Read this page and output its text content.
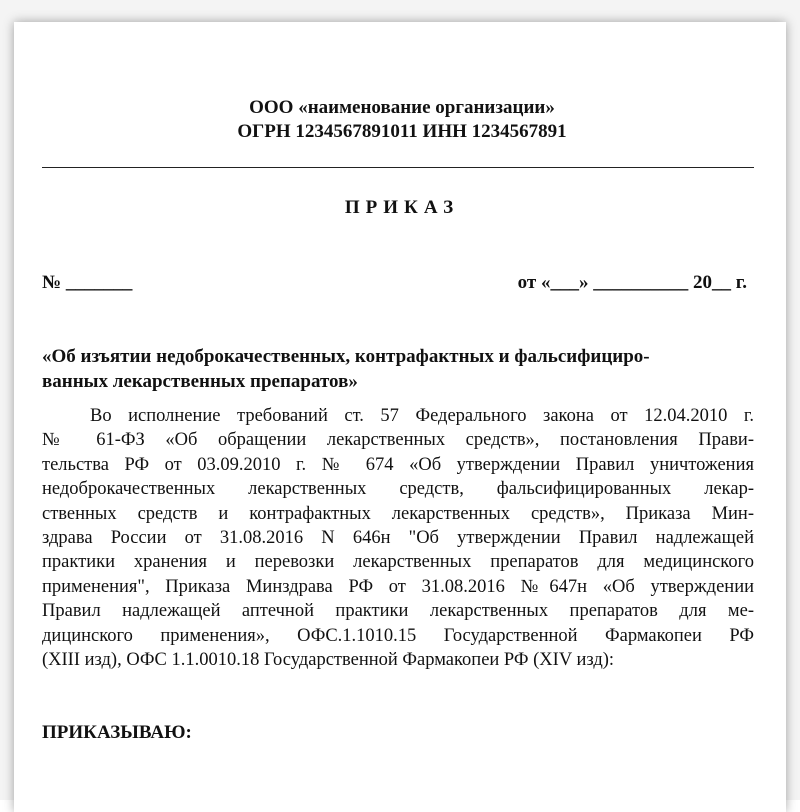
ООО «наименование организации»
ОГРН 1234567891011 ИНН 1234567891
ПРИКАЗ
№ _______	от «___» __________ 20__ г.
«Об изъятии недоброкачественных, контрафактных и фальсифициро-
ванных лекарственных препаратов»
Во исполнение требований ст. 57 Федерального закона от 12.04.2010 г.
№ 61-ФЗ «Об обращении лекарственных средств», постановления Прави-
тельства РФ от 03.09.2010 г. № 674 «Об утверждении Правил уничтожения
недоброкачественных лекарственных средств, фальсифицированных лекар-
ственных средств и контрафактных лекарственных средств», Приказа Мин-
здрава России от 31.08.2016 N 646н "Об утверждении Правил надлежащей
практики хранения и перевозки лекарственных препаратов для медицинского
применения", Приказа Минздрава РФ от 31.08.2016 №647н «Об утверждении
Правил надлежащей аптечной практики лекарственных препаратов для ме-
дицинского применения», ОФС.1.1010.15 Государственной Фармакопеи РФ
(XIII изд), ОФС 1.1.0010.18 Государственной Фармакопеи РФ (XIV изд):
ПРИКАЗЫВАЮ:
